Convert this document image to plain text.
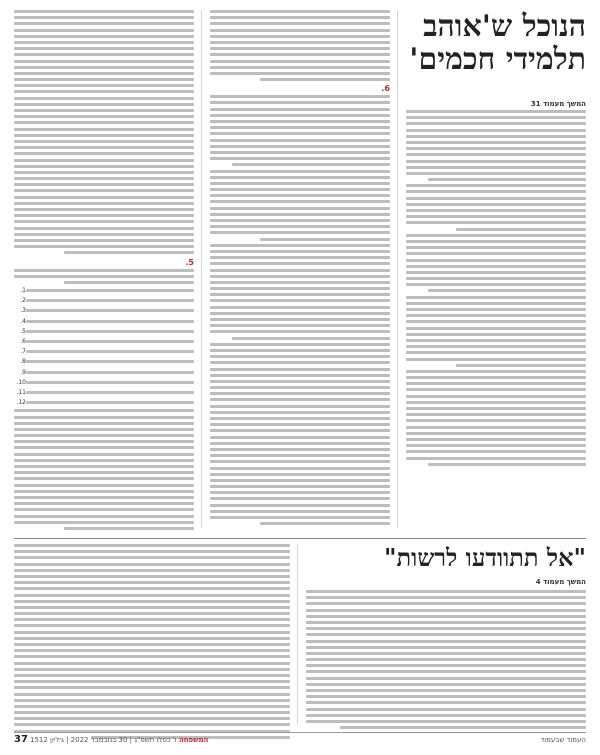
הנוכל ש'אוהב
תלמידי חכמים'
המשך מעמוד 31
6.
5.
1.
2.
3.
4.
5.
6.
7.
8.
9.
10.
11.
12.
"אל תתוודעו לרשות"
המשך מעמוד 4
37	המשפחה ו' כסלו תשפ"ג | 30 בנובמבר 2022 | גיליון 1512	העמוד שבעמוד
